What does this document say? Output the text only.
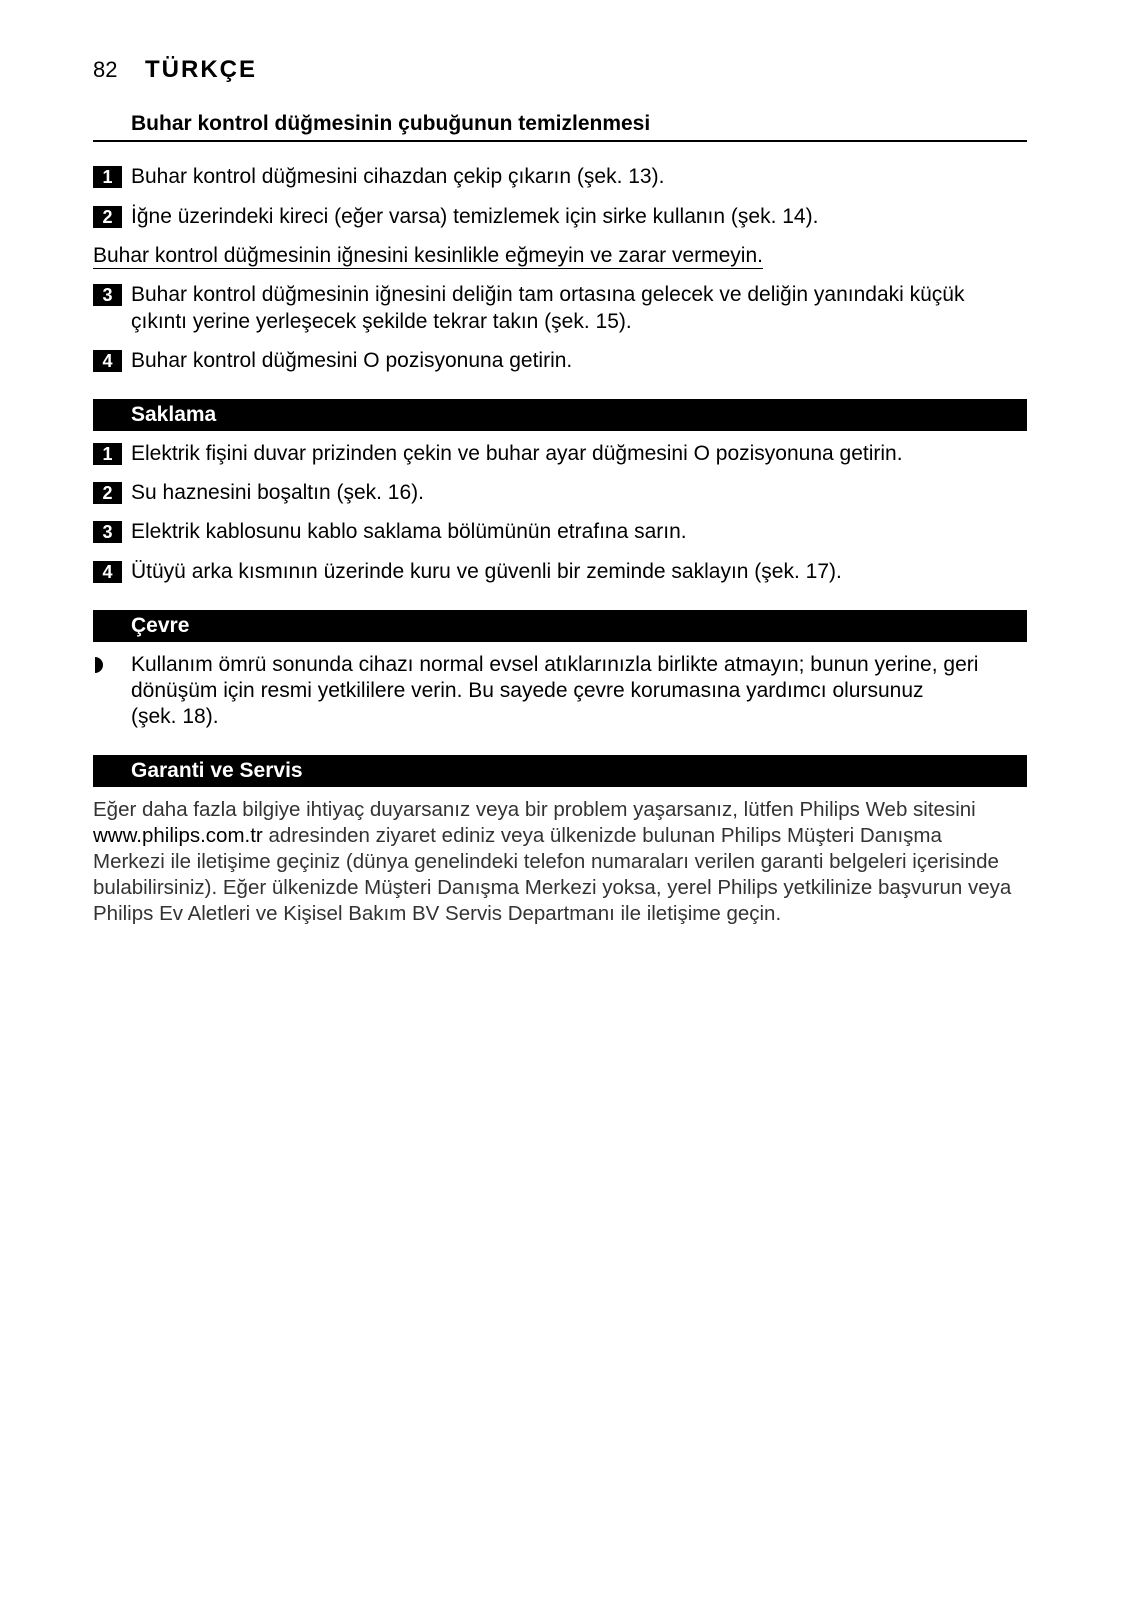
82 TÜRKÇE
Buhar kontrol düğmesinin çubuğunun temizlenmesi
1 Buhar kontrol düğmesini cihazdan çekip çıkarın (şek. 13).
2 İğne üzerindeki kireci (eğer varsa) temizlemek için sirke kullanın (şek. 14).
Buhar kontrol düğmesinin iğnesini kesinlikle eğmeyin ve zarar vermeyin.
3 Buhar kontrol düğmesinin iğnesini deliğin tam ortasına gelecek ve deliğin yanındaki küçük
çıkıntı yerine yerleşecek şekilde tekrar takın (şek. 15).
4 Buhar kontrol düğmesini O pozisyonuna getirin.
Saklama
1 Elektrik fişini duvar prizinden çekin ve buhar ayar düğmesini O pozisyonuna getirin.
2 Su haznesini boşaltın (şek. 16).
3 Elektrik kablosunu kablo saklama bölümünün etrafına sarın.
4 Ütüyü arka kısmının üzerinde kuru ve güvenli bir zeminde saklayın (şek. 17).
Çevre
Kullanım ömrü sonunda cihazı normal evsel atıklarınızla birlikte atmayın; bunun yerine, geri
dönüşüm için resmi yetkililere verin. Bu sayede çevre korumasına yardımcı olursunuz
(şek. 18).
Garanti ve Servis
Eğer daha fazla bilgiye ihtiyaç duyarsanız veya bir problem yaşarsanız, lütfen Philips Web sitesini
www.philips.com.tr adresinden ziyaret ediniz veya ülkenizde bulunan Philips Müşteri Danışma
Merkezi ile iletişime geçiniz (dünya genelindeki telefon numaraları verilen garanti belgeleri içerisinde
bulabilirsiniz). Eğer ülkenizde Müşteri Danışma Merkezi yoksa, yerel Philips yetkilinize başvurun veya
Philips Ev Aletleri ve Kişisel Bakım BV Servis Departmanı ile iletişime geçin.
